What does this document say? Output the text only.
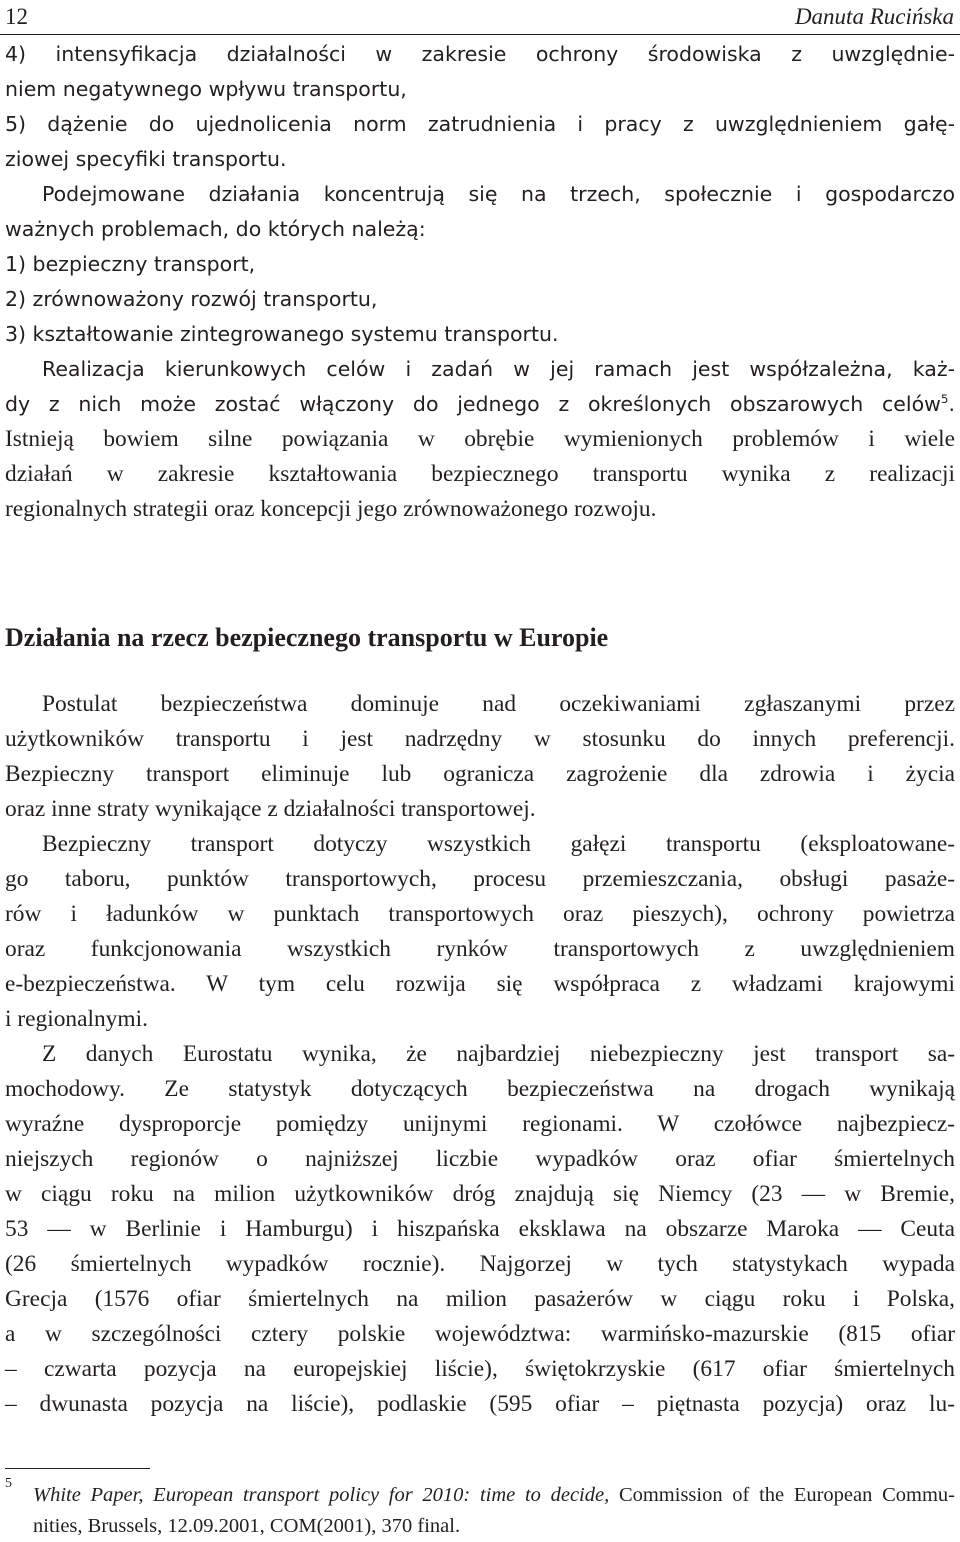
12	Danuta Rucińska
4) intensyfikacja działalności w zakresie ochrony środowiska z uwzględnie-
niem negatywnego wpływu transportu,
5) dążenie do ujednolicenia norm zatrudnienia i pracy z uwzględnieniem gałę-
ziowej specyfiki transportu.
Podejmowane działania koncentrują się na trzech, społecznie i gospodarczo
ważnych problemach, do których należą:
1) bezpieczny transport,
2) zrównoważony rozwój transportu,
3) kształtowanie zintegrowanego systemu transportu.
Realizacja kierunkowych celów i zadań w jej ramach jest współzależna, każ-
dy z nich może zostać włączony do jednego z określonych obszarowych celów$^5$.
Istnieją bowiem silne powiązania w obrębie wymienionych problemów i wiele
działań w zakresie kształtowania bezpiecznego transportu wynika z realizacji
regionalnych strategii oraz koncepcji jego zrównoważonego rozwoju.
Działania na rzecz bezpiecznego transportu w Europie
Postulat bezpieczeństwa dominuje nad oczekiwaniami zgłaszanymi przez
użytkowników transportu i jest nadrzędny w stosunku do innych preferencji.
Bezpieczny transport eliminuje lub ogranicza zagrożenie dla zdrowia i życia
oraz inne straty wynikające z działalności transportowej.
Bezpieczny transport dotyczy wszystkich gałęzi transportu (eksploatowane-
go taboru, punktów transportowych, procesu przemieszczania, obsługi pasaże-
rów i ładunków w punktach transportowych oraz pieszych), ochrony powietrza
oraz funkcjonowania wszystkich rynków transportowych z uwzględnieniem
e-bezpieczeństwa. W tym celu rozwija się współpraca z władzami krajowymi
i regionalnymi.
Z danych Eurostatu wynika, że najbardziej niebezpieczny jest transport sa-
mochodowy. Ze statystyk dotyczących bezpieczeństwa na drogach wynikają
wyraźne dysproporcje pomiędzy unijnymi regionami. W czołówce najbezpiecz-
niejszych regionów o najniższej liczbie wypadków oraz ofiar śmiertelnych
w ciągu roku na milion użytkowników dróg znajdują się Niemcy (23 — w Bremie,
53 — w Berlinie i Hamburgu) i hiszpańska eksklawa na obszarze Maroka — Ceuta
(26 śmiertelnych wypadków rocznie). Najgorzej w tych statystykach wypada
Grecja (1576 ofiar śmiertelnych na milion pasażerów w ciągu roku i Polska,
a w szczególności cztery polskie województwa: warmińsko-mazurskie (815 ofiar
– czwarta pozycja na europejskiej liście), świętokrzyskie (617 ofiar śmiertelnych
– dwunasta pozycja na liście), podlaskie (595 ofiar – piętnasta pozycja) oraz lu-
5
White Paper, European transport policy for 2010: time to decide, Commission of the European Commu-
nities, Brussels, 12.09.2001, COM(2001), 370 final.
